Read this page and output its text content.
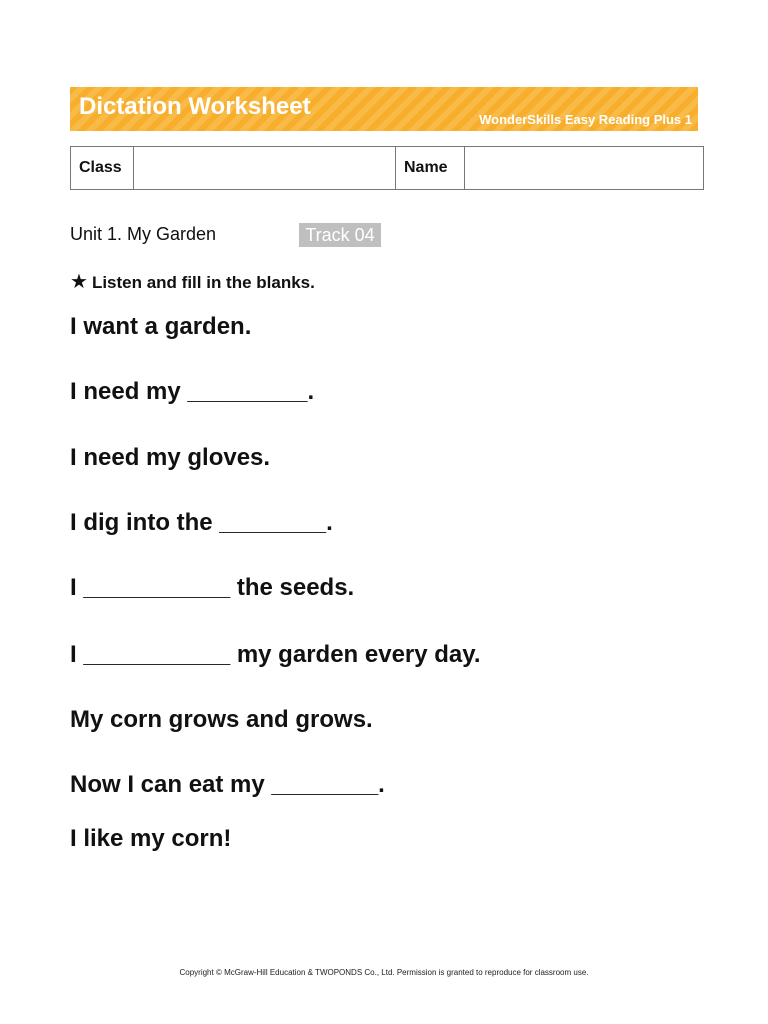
Dictation Worksheet	WonderSkills Easy Reading Plus 1
Class		Name	
Unit 1. My Garden	Track 04
★ Listen and fill in the blanks.
I want a garden.
I need my _________.
I need my gloves.
I dig into the ________.
I ___________ the seeds.
I ___________ my garden every day.
My corn grows and grows.
Now I can eat my ________.
I like my corn!
Copyright © McGraw-Hill Education & TWOPONDS Co., Ltd. Permission is granted to reproduce for classroom use.
